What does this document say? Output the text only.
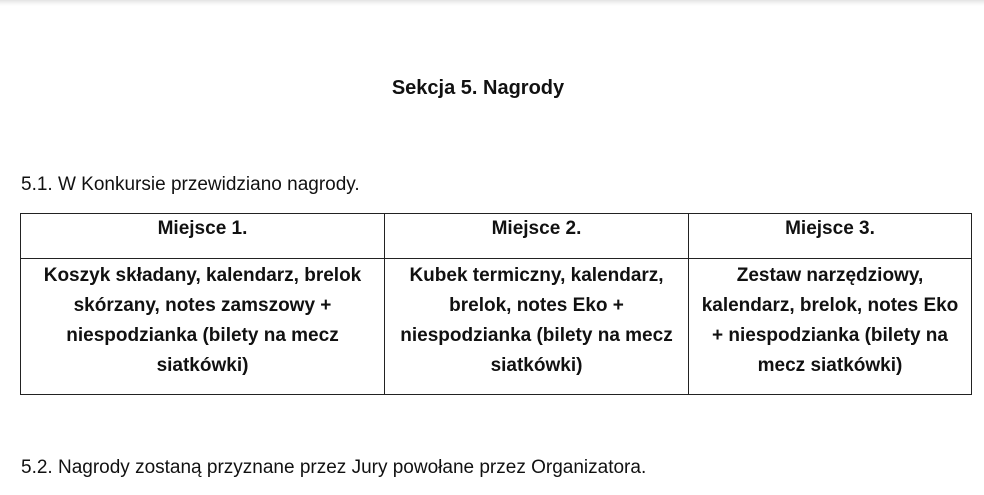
Sekcja 5. Nagrody
5.1. W Konkursie przewidziano nagrody.
Miejsce 1.	Miejsce 2.	Miejsce 3.
Koszyk składany, kalendarz, brelok skórzany, notes zamszowy + niespodzianka (bilety na mecz siatkówki)	Kubek termiczny, kalendarz, brelok, notes Eko + niespodzianka (bilety na mecz siatkówki)	Zestaw narzędziowy, kalendarz, brelok, notes Eko + niespodzianka (bilety na mecz siatkówki)
5.2. Nagrody zostaną przyznane przez Jury powołane przez Organizatora.
